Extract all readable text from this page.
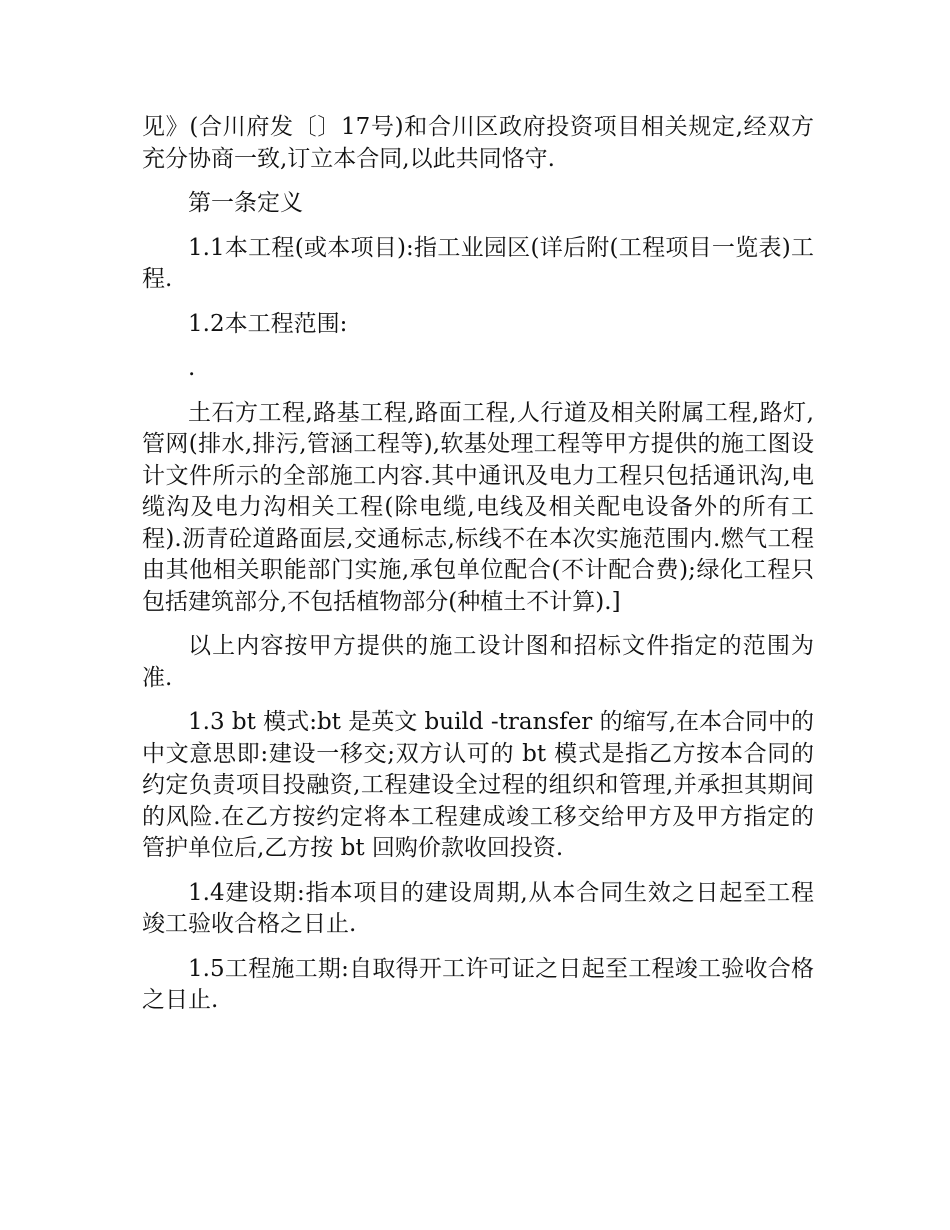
见》(合川府发〔〕17号)和合川区政府投资项目相关规定,经双方充分协商一致,订立本合同,以此共同恪守.

第一条定义

1.1本工程(或本项目):指工业园区(详后附(工程项目一览表)工程.

1.2本工程范围:

.

土石方工程,路基工程,路面工程,人行道及相关附属工程,路灯,管网(排水,排污,管涵工程等),软基处理工程等甲方提供的施工图设计文件所示的全部施工内容.其中通讯及电力工程只包括通讯沟,电缆沟及电力沟相关工程(除电缆,电线及相关配电设备外的所有工程).沥青砼道路面层,交通标志,标线不在本次实施范围内.燃气工程由其他相关职能部门实施,承包单位配合(不计配合费);绿化工程只包括建筑部分,不包括植物部分(种植土不计算).]

以上内容按甲方提供的施工设计图和招标文件指定的范围为准.

1.3 bt 模式:bt 是英文 build -transfer 的缩写,在本合同中的中文意思即:建设一移交;双方认可的 bt 模式是指乙方按本合同的约定负责项目投融资,工程建设全过程的组织和管理,并承担其期间的风险.在乙方按约定将本工程建成竣工移交给甲方及甲方指定的管护单位后,乙方按 bt 回购价款收回投资.

1.4建设期:指本项目的建设周期,从本合同生效之日起至工程竣工验收合格之日止.

1.5工程施工期:自取得开工许可证之日起至工程竣工验收合格之日止.
